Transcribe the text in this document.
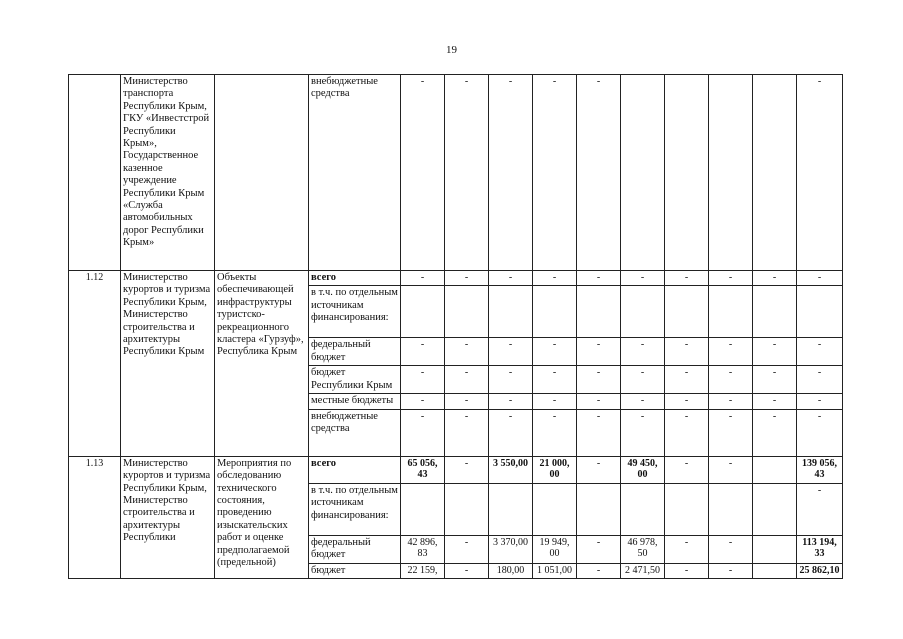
19
	Министерство транспорта Республики Крым, ГКУ «Инвестстрой Республики Крым», Государственное казенное учреждение Республики Крым «Служба автомобильных дорог Республики Крым»		внебюджетные средства	-	-	-	-	-					-
1.12	Министерство курортов и туризма Республики Крым, Министерство строительства и архитектуры Республики Крым	Объекты обеспечивающей инфраструктуры туристско-рекреационного кластера «Гурзуф», Республика Крым	всего	-	-	-	-	-	-	-	-	-	-
			в т.ч. по отдельным источникам финансирования:										
			федеральный бюджет	-	-	-	-	-	-	-	-	-	-
			бюджет Республики Крым	-	-	-	-	-	-	-	-	-	-
			местные бюджеты	-	-	-	-	-	-	-	-	-	-
			внебюджетные средства	-	-	-	-	-	-	-	-	-	-
1.13	Министерство курортов и туризма Республики Крым, Министерство строительства и архитектуры Республики	Мероприятия по обследованию технического состояния, проведению изыскательских работ и оценке предполагаемой (предельной)	всего	65 056, 43	-	3 550,00	21 000, 00	-	49 450, 00	-	-		139 056, 43
			в т.ч. по отдельным источникам финансирования:										-
			федеральный бюджет	42 896, 83	-	3 370,00	19 949, 00	-	46 978, 50	-	-		113 194, 33
			бюджет	22 159,	-	180,00	1 051,00	-	2 471,50	-	-		25 862,10
